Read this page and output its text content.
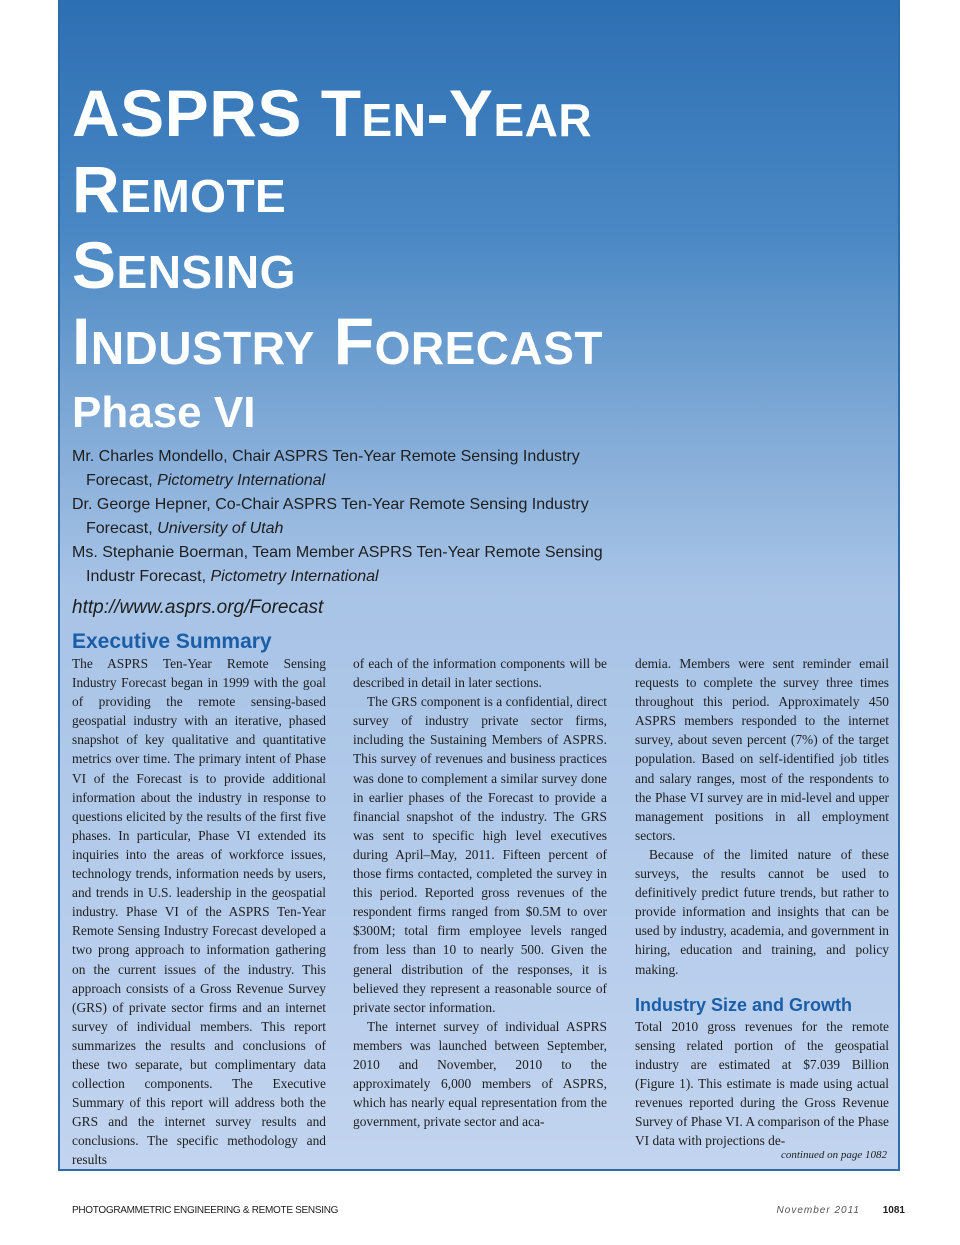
ASPRS Ten-Year
Remote
Sensing
Industry Forecast
Phase VI
Mr. Charles Mondello, Chair ASPRS Ten-Year Remote Sensing Industry Forecast, Pictometry International
Dr. George Hepner, Co-Chair ASPRS Ten-Year Remote Sensing Industry Forecast, University of Utah
Ms. Stephanie Boerman, Team Member ASPRS Ten-Year Remote Sensing Industr Forecast, Pictometry International
http://www.asprs.org/Forecast
Executive Summary

The ASPRS Ten-Year Remote Sensing Industry Forecast began in 1999 with the goal of providing the remote sensing-based geospatial industry with an iterative, phased snapshot of key qualitative and quantitative metrics over time. The primary intent of Phase VI of the Forecast is to provide additional information about the industry in response to questions elicited by the results of the first five phases. In particular, Phase VI extended its inquiries into the areas of workforce issues, technology trends, information needs by users, and trends in U.S. leadership in the geospatial industry. Phase VI of the ASPRS Ten-Year Remote Sensing Industry Forecast developed a two prong approach to information gathering on the current issues of the industry. This approach consists of a Gross Revenue Survey (GRS) of private sector firms and an internet survey of individual members. This report summarizes the results and conclusions of these two separate, but complimentary data collection components. The Executive Summary of this report will address both the GRS and the internet survey results and conclusions. The specific methodology and results

of each of the information components will be described in detail in later sections.

The GRS component is a confidential, direct survey of industry private sector firms, including the Sustaining Members of ASPRS. This survey of revenues and business practices was done to complement a similar survey done in earlier phases of the Forecast to provide a financial snapshot of the industry. The GRS was sent to specific high level executives during April–May, 2011. Fifteen percent of those firms contacted, completed the survey in this period. Reported gross revenues of the respondent firms ranged from $0.5M to over $300M; total firm employee levels ranged from less than 10 to nearly 500. Given the general distribution of the responses, it is believed they represent a reasonable source of private sector information.

The internet survey of individual ASPRS members was launched between September, 2010 and November, 2010 to the approximately 6,000 members of ASPRS, which has nearly equal representation from the government, private sector and aca-

demia. Members were sent reminder email requests to complete the survey three times throughout this period. Approximately 450 ASPRS members responded to the internet survey, about seven percent (7%) of the target population. Based on self-identified job titles and salary ranges, most of the respondents to the Phase VI survey are in mid-level and upper management positions in all employment sectors.

Because of the limited nature of these surveys, the results cannot be used to definitively predict future trends, but rather to provide information and insights that can be used by industry, academia, and government in hiring, education and training, and policy making.

Industry Size and Growth

Total 2010 gross revenues for the remote sensing related portion of the geospatial industry are estimated at $7.039 Billion (Figure 1). This estimate is made using actual revenues reported during the Gross Revenue Survey of Phase VI. A comparison of the Phase VI data with projections de-

continued on page 1082
PHOTOGRAMMETRIC ENGINEERING & REMOTE SENSING	November 2011 1081
